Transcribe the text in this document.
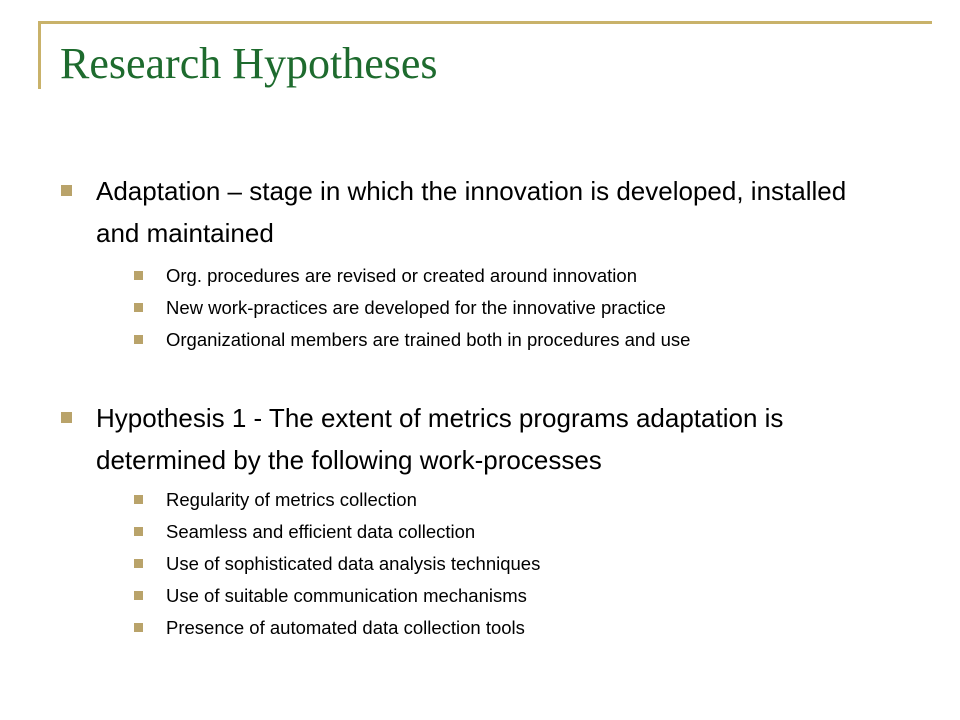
Research Hypotheses
Adaptation – stage in which the innovation is developed, installed and maintained
Org. procedures are revised or created around innovation
New work-practices are developed for the innovative practice
Organizational members are trained both in procedures and use
Hypothesis 1 - The extent of metrics programs adaptation is determined by the following work-processes
Regularity of metrics collection
Seamless and efficient data collection
Use of sophisticated data analysis techniques
Use of suitable communication mechanisms
Presence of automated data collection tools
